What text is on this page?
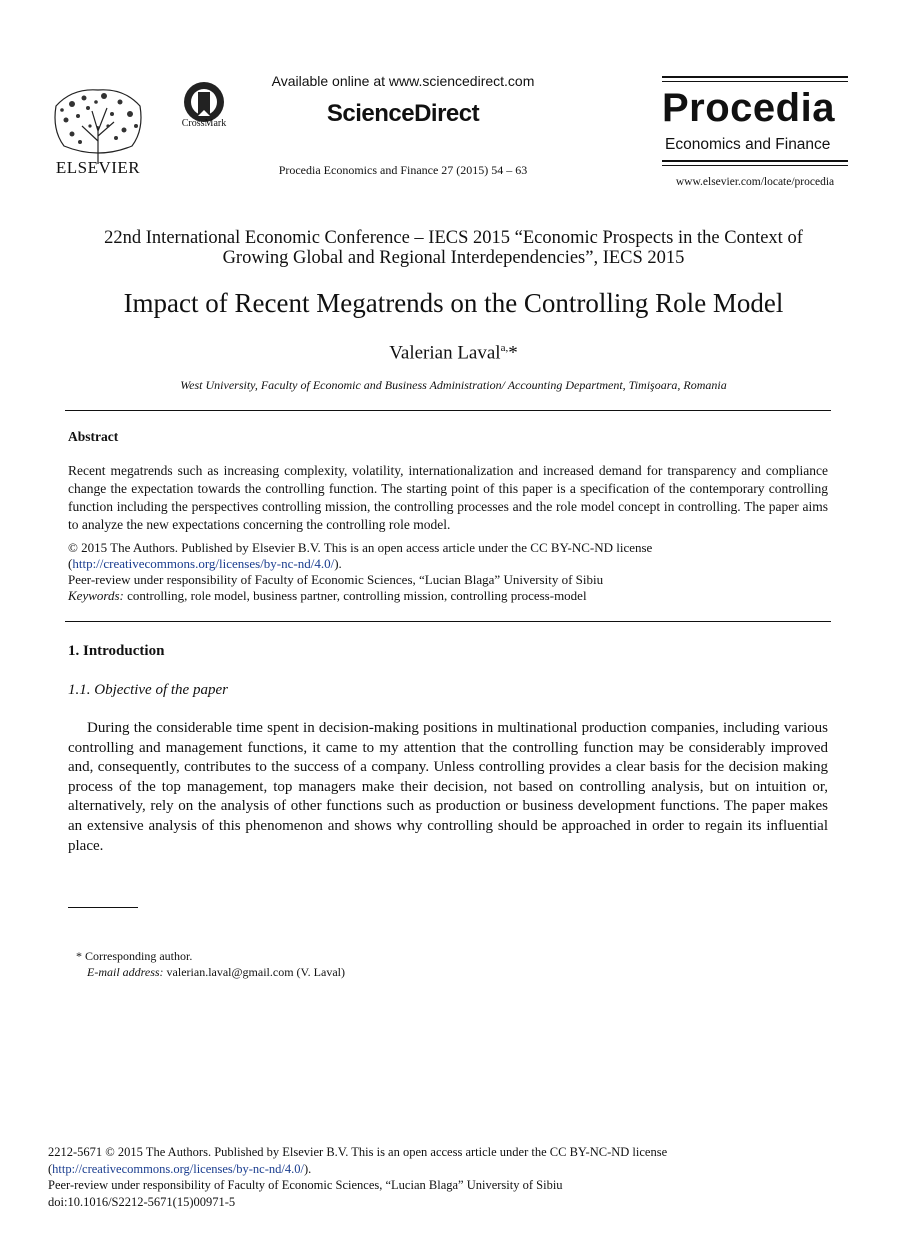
ELSEVIER
CrossMark
Available online at www.sciencedirect.com
ScienceDirect
Procedia Economics and Finance 27 (2015) 54 – 63
Procedia
Economics and Finance
www.elsevier.com/locate/procedia
22nd International Economic Conference – IECS 2015 “Economic Prospects in the Context of
Growing Global and Regional Interdependencies”, IECS 2015
Impact of Recent Megatrends on the Controlling Role Model
Valerian Laval$^{a,}$*
West University, Faculty of Economic and Business Administration/ Accounting Department, Timişoara, Romania
Abstract
Recent megatrends such as increasing complexity, volatility, internationalization and increased demand for transparency and compliance change the expectation towards the controlling function. The starting point of this paper is a specification of the contemporary controlling function including the perspectives controlling mission, the controlling processes and the role model concept in controlling. The paper aims to analyze the new expectations concerning the controlling role model.
© 2015 The Authors. Published by Elsevier B.V. This is an open access article under the CC BY-NC-ND license
(http://creativecommons.org/licenses/by-nc-nd/4.0/).
Peer-review under responsibility of Faculty of Economic Sciences, “Lucian Blaga” University of Sibiu
Keywords: controlling, role model, business partner, controlling mission, controlling process-model
1. Introduction
1.1. Objective of the paper
During the considerable time spent in decision-making positions in multinational production companies, including various controlling and management functions, it came to my attention that the controlling function may be considerably improved and, consequently, contributes to the success of a company. Unless controlling provides a clear basis for the decision making process of the top management, top managers make their decision, not based on controlling analysis, but on intuition or, alternatively, rely on the analysis of other functions such as production or business development functions. The paper makes an extensive analysis of this phenomenon and shows why controlling should be approached in order to regain its influential place.
* Corresponding author.
E-mail address: valerian.laval@gmail.com (V. Laval)
2212-5671 © 2015 The Authors. Published by Elsevier B.V. This is an open access article under the CC BY-NC-ND license
(http://creativecommons.org/licenses/by-nc-nd/4.0/).
Peer-review under responsibility of Faculty of Economic Sciences, “Lucian Blaga” University of Sibiu
doi:10.1016/S2212-5671(15)00971-5
